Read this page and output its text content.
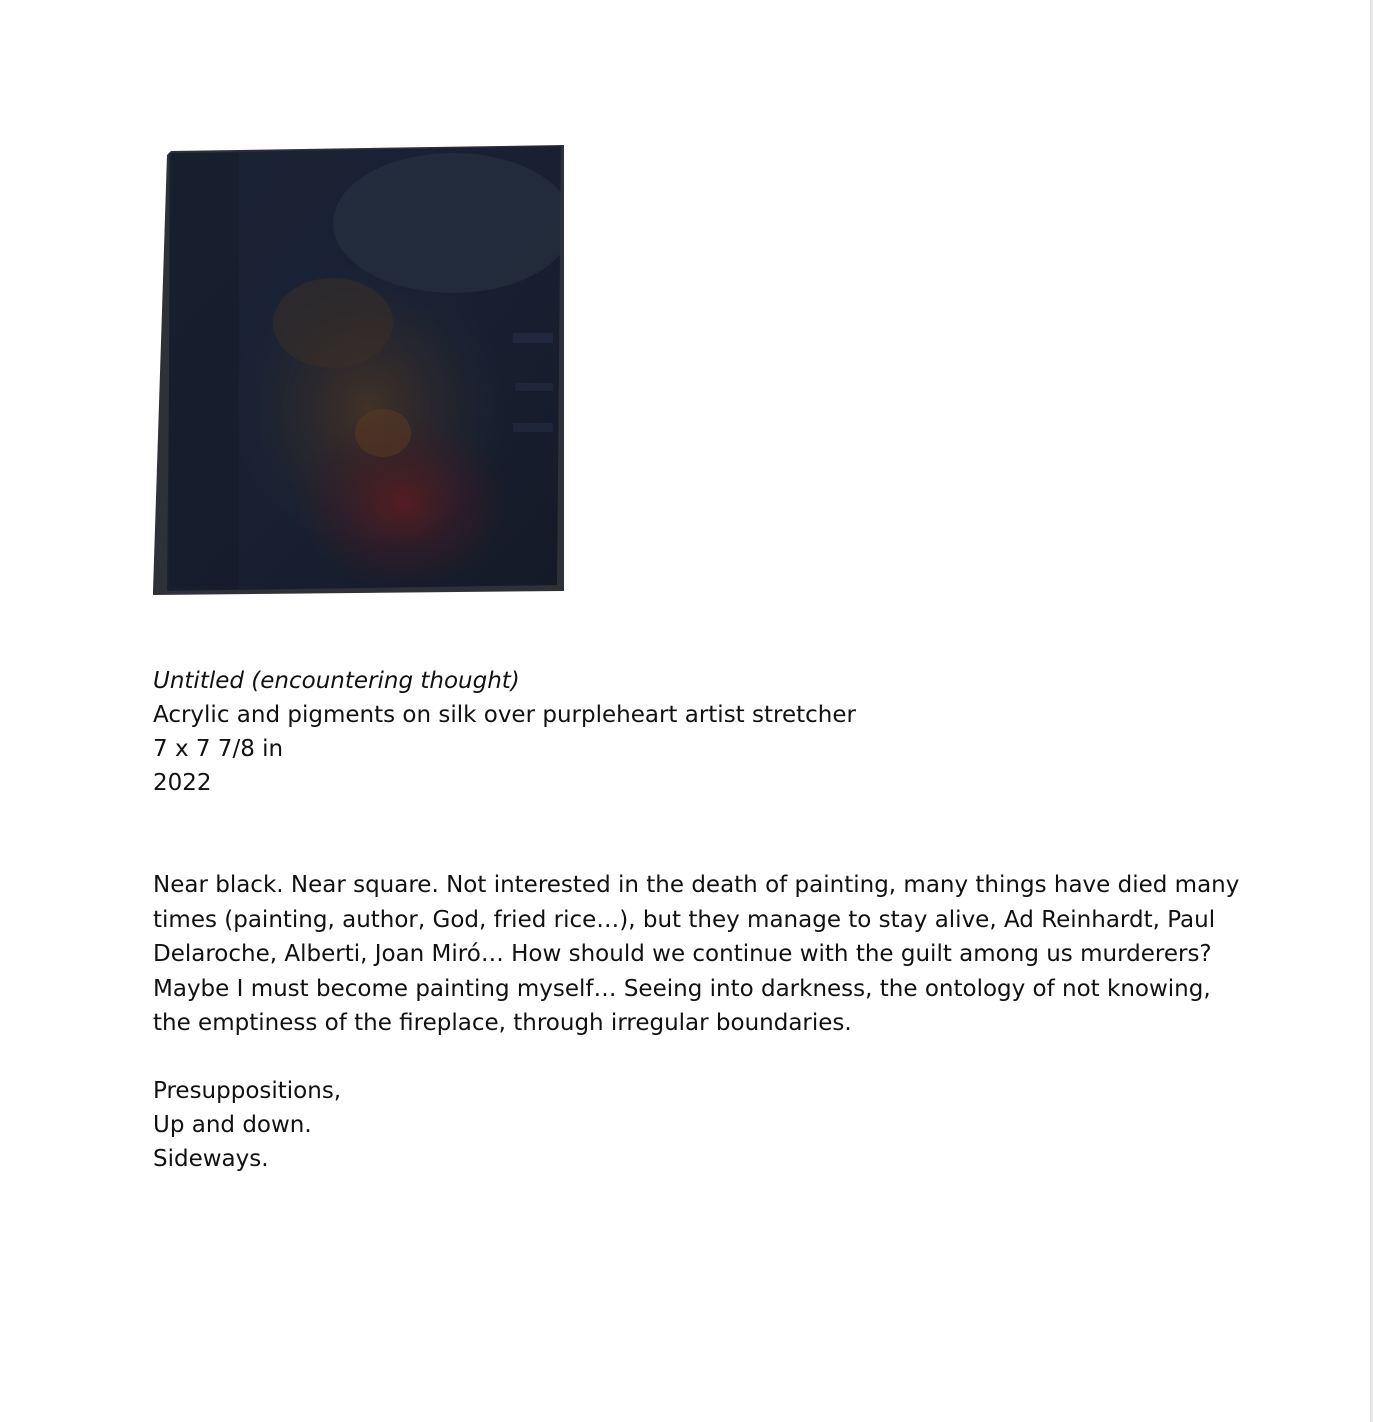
Untitled (encountering thought)
Acrylic and pigments on silk over purpleheart artist stretcher
7 x 7 7/8 in
2022

Near black. Near square. Not interested in the death of painting, many things have died many times (painting, author, God, fried rice…), but they manage to stay alive, Ad Reinhardt, Paul Delaroche, Alberti, Joan Miró… How should we continue with the guilt among us murderers? Maybe I must become painting myself… Seeing into darkness, the ontology of not knowing, the emptiness of the fireplace, through irregular boundaries.

Presuppositions,
Up and down.
Sideways.
